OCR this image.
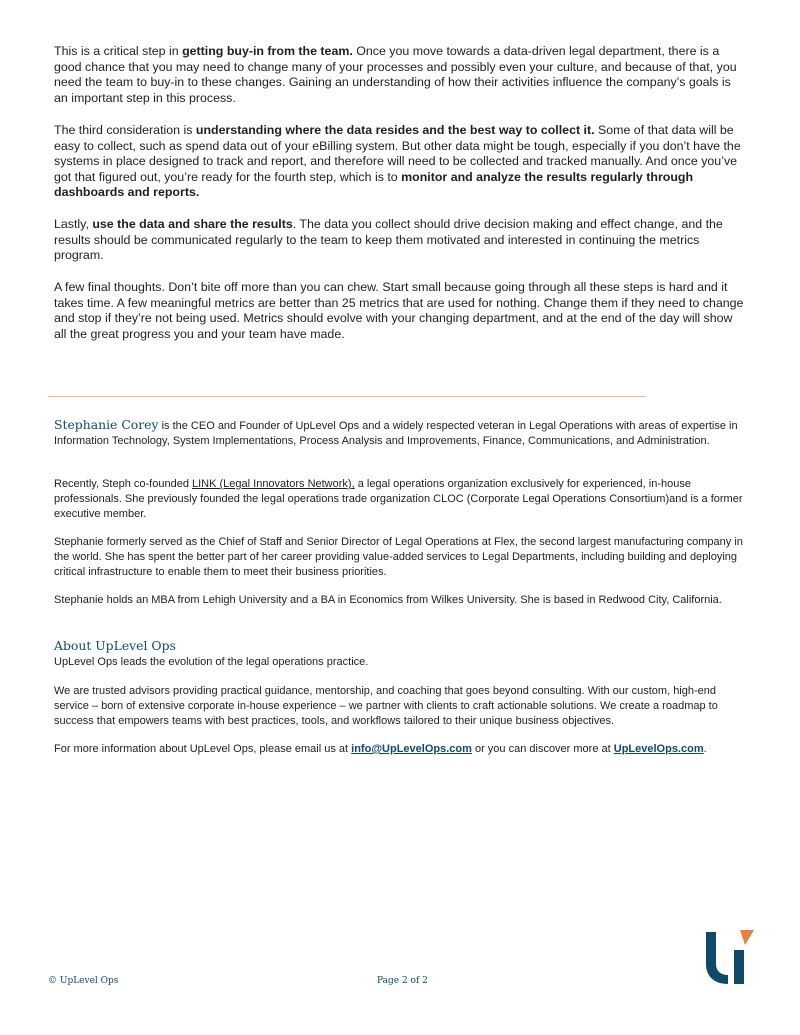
This is a critical step in getting buy-in from the team. Once you move towards a data-driven legal department, there is a good chance that you may need to change many of your processes and possibly even your culture, and because of that, you need the team to buy-in to these changes. Gaining an understanding of how their activities influence the company’s goals is an important step in this process.

The third consideration is understanding where the data resides and the best way to collect it. Some of that data will be easy to collect, such as spend data out of your eBilling system. But other data might be tough, especially if you don’t have the systems in place designed to track and report, and therefore will need to be collected and tracked manually. And once you’ve got that figured out, you’re ready for the fourth step, which is to monitor and analyze the results regularly through dashboards and reports.

Lastly, use the data and share the results. The data you collect should drive decision making and effect change, and the results should be communicated regularly to the team to keep them motivated and interested in continuing the metrics program.

A few final thoughts. Don’t bite off more than you can chew. Start small because going through all these steps is hard and it takes time. A few meaningful metrics are better than 25 metrics that are used for nothing. Change them if they need to change and stop if they’re not being used. Metrics should evolve with your changing department, and at the end of the day will show all the great progress you and your team have made.

Stephanie Corey is the CEO and Founder of UpLevel Ops and a widely respected veteran in Legal Operations with areas of expertise in Information Technology, System Implementations, Process Analysis and Improvements, Finance, Communications, and Administration.

Recently, Steph co-founded LINK (Legal Innovators Network), a legal operations organization exclusively for experienced, in-house professionals. She previously founded the legal operations trade organization CLOC (Corporate Legal Operations Consortium)and is a former executive member.

Stephanie formerly served as the Chief of Staff and Senior Director of Legal Operations at Flex, the second largest manufacturing company in the world. She has spent the better part of her career providing value-added services to Legal Departments, including building and deploying critical infrastructure to enable them to meet their business priorities.

Stephanie holds an MBA from Lehigh University and a BA in Economics from Wilkes University. She is based in Redwood City, California.

About UpLevel Ops

UpLevel Ops leads the evolution of the legal operations practice.

We are trusted advisors providing practical guidance, mentorship, and coaching that goes beyond consulting. With our custom, high-end service – born of extensive corporate in-house experience – we partner with clients to craft actionable solutions. We create a roadmap to success that empowers teams with best practices, tools, and workflows tailored to their unique business objectives.

For more information about UpLevel Ops, please email us at info@UpLevelOps.com or you can discover more at UpLevelOps.com.

© UpLevel Ops	Page 2 of 2
